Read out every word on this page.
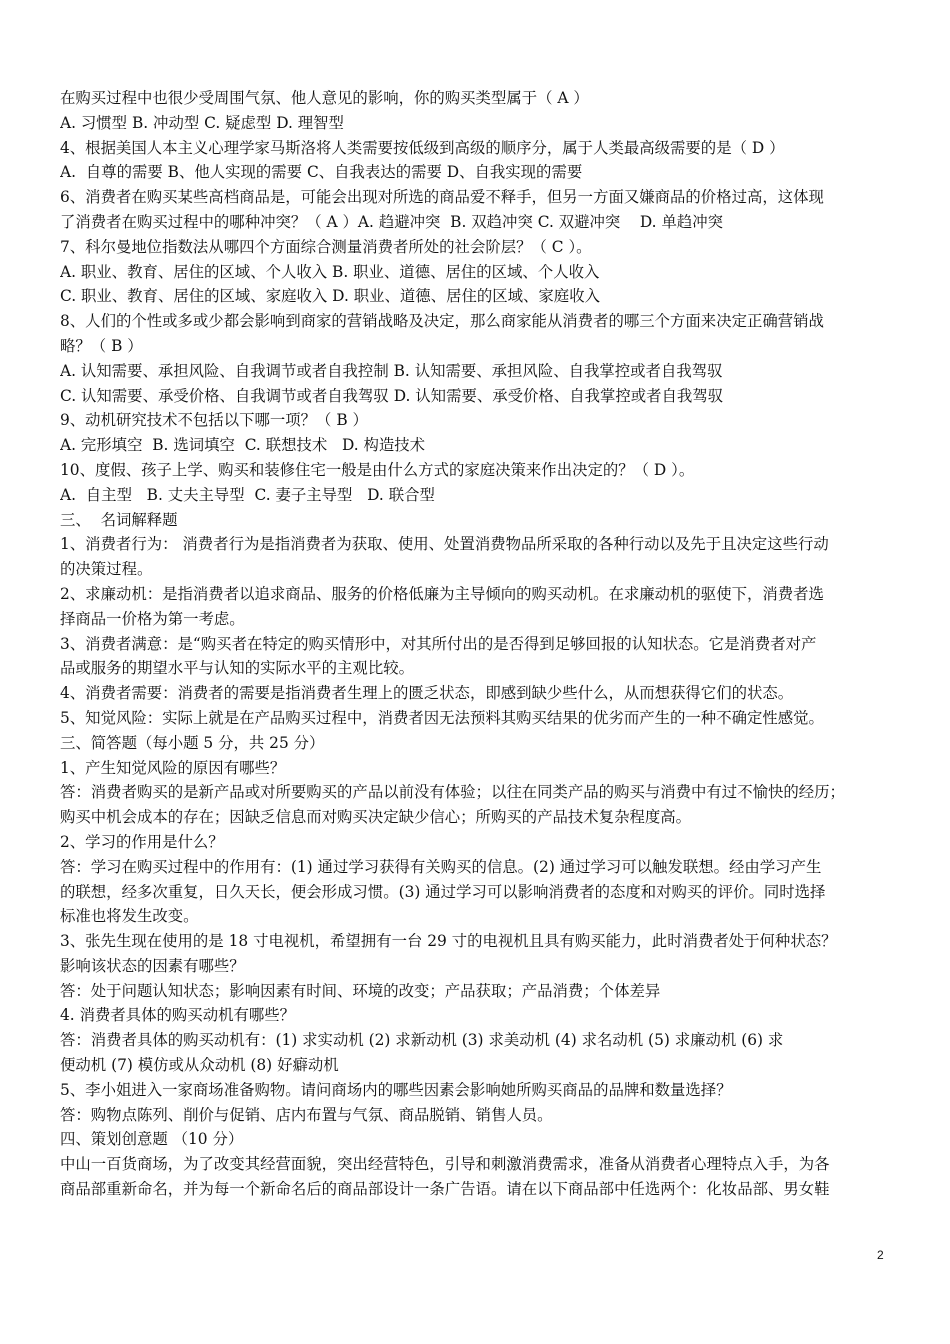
在购买过程中也很少受周围气氛、他人意见的影响，你的购买类型属于（ A ）
A. 习惯型 B. 冲动型 C. 疑虑型 D. 理智型
4、根据美国人本主义心理学家马斯洛将人类需要按低级到高级的顺序分，属于人类最高级需要的是（ D ）
A.  自尊的需要 B、他人实现的需要 C、自我表达的需要 D、自我实现的需要
6、消费者在购买某些高档商品是，可能会出现对所选的商品爱不释手，但另一方面又嫌商品的价格过高，这体现
了消费者在购买过程中的哪种冲突？（ A ）A. 趋避冲突  B. 双趋冲突 C. 双避冲突    D. 单趋冲突
7、科尔曼地位指数法从哪四个方面综合测量消费者所处的社会阶层？（ C ）。
A. 职业、教育、居住的区域、个人收入 B. 职业、道德、居住的区域、个人收入
C. 职业、教育、居住的区域、家庭收入 D. 职业、道德、居住的区域、家庭收入
8、人们的个性或多或少都会影响到商家的营销战略及决定，那么商家能从消费者的哪三个方面来决定正确营销战
略？（ B ）
A. 认知需要、承担风险、自我调节或者自我控制 B. 认知需要、承担风险、自我掌控或者自我驾驭
C. 认知需要、承受价格、自我调节或者自我驾驭 D. 认知需要、承受价格、自我掌控或者自我驾驭
9、动机研究技术不包括以下哪一项？（ B ）
A. 完形填空  B. 选词填空  C. 联想技术   D. 构造技术
10、度假、孩子上学、购买和装修住宅一般是由什么方式的家庭决策来作出决定的？（ D ）。
A.  自主型   B. 丈夫主导型  C. 妻子主导型   D. 联合型
三、  名词解释题
1、消费者行为： 消费者行为是指消费者为获取、使用、处置消费物品所采取的各种行动以及先于且决定这些行动
的决策过程。
2、求廉动机：是指消费者以追求商品、服务的价格低廉为主导倾向的购买动机。在求廉动机的驱使下，消费者选
择商品一价格为第一考虑。
3、消费者满意：是“购买者在特定的购买情形中，对其所付出的是否得到足够回报的认知状态。它是消费者对产
品或服务的期望水平与认知的实际水平的主观比较。
4、消费者需要：消费者的需要是指消费者生理上的匮乏状态，即感到缺少些什么，从而想获得它们的状态。
5、知觉风险：实际上就是在产品购买过程中，消费者因无法预料其购买结果的优劣而产生的一种不确定性感觉。
三、简答题（每小题 5 分，共 25 分）
1、产生知觉风险的原因有哪些？
答：消费者购买的是新产品或对所要购买的产品以前没有体验；以往在同类产品的购买与消费中有过不愉快的经历；
购买中机会成本的存在；因缺乏信息而对购买决定缺少信心；所购买的产品技术复杂程度高。
2、学习的作用是什么？
答：学习在购买过程中的作用有：(1) 通过学习获得有关购买的信息。(2) 通过学习可以触发联想。经由学习产生
的联想，经多次重复，日久天长，便会形成习惯。(3) 通过学习可以影响消费者的态度和对购买的评价。同时选择
标准也将发生改变。
3、张先生现在使用的是 18 寸电视机，希望拥有一台 29 寸的电视机且具有购买能力，此时消费者处于何种状态？
影响该状态的因素有哪些？
答：处于问题认知状态；影响因素有时间、环境的改变；产品获取；产品消费；个体差异
4. 消费者具体的购买动机有哪些？
答：消费者具体的购买动机有：(1) 求实动机 (2) 求新动机 (3) 求美动机 (4) 求名动机 (5) 求廉动机 (6) 求
便动机 (7) 模仿或从众动机 (8) 好癖动机
5、李小姐进入一家商场准备购物。请问商场内的哪些因素会影响她所购买商品的品牌和数量选择？
答：购物点陈列、削价与促销、店内布置与气氛、商品脱销、销售人员。
四、策划创意题 （10 分）
中山一百货商场，为了改变其经营面貌，突出经营特色，引导和刺激消费需求，准备从消费者心理特点入手，为各
商品部重新命名，并为每一个新命名后的商品部设计一条广告语。请在以下商品部中任选两个：化妆品部、男女鞋
2
